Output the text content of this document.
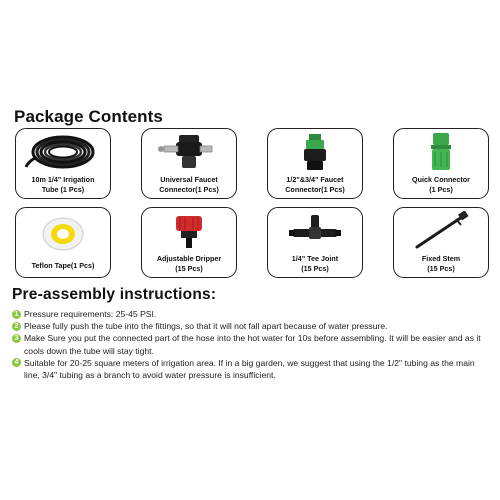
Package Contents
10m 1/4" Irrigation
Tube (1 Pcs)
Universal Faucet
Connector(1 Pcs)
1/2"&3/4" Faucet
Connector(1 Pcs)
Quick Connector
(1 Pcs)
Teflon Tape(1 Pcs)
Adjustable Dripper
(15 Pcs)
1/4" Tee Joint
(15 Pcs)
Fixed Stem
(15 Pcs)
Pre-assembly instructions:
1 Pressure requirements: 25-45 PSI.
2 Please fully push the tube into the fittings, so that it will not fall apart because of water pressure.
3 Make Sure you put the connected part of the hose into the hot water for 10s before assembling. It will be easier and as it cools down the tube will stay tight.
4 Suitable for 20-25 square meters of irrigation area. If in a big garden, we suggest that using the 1/2" tubing as the main line, 3/4" tubing as a branch to avoid water pressure is insufficient.
